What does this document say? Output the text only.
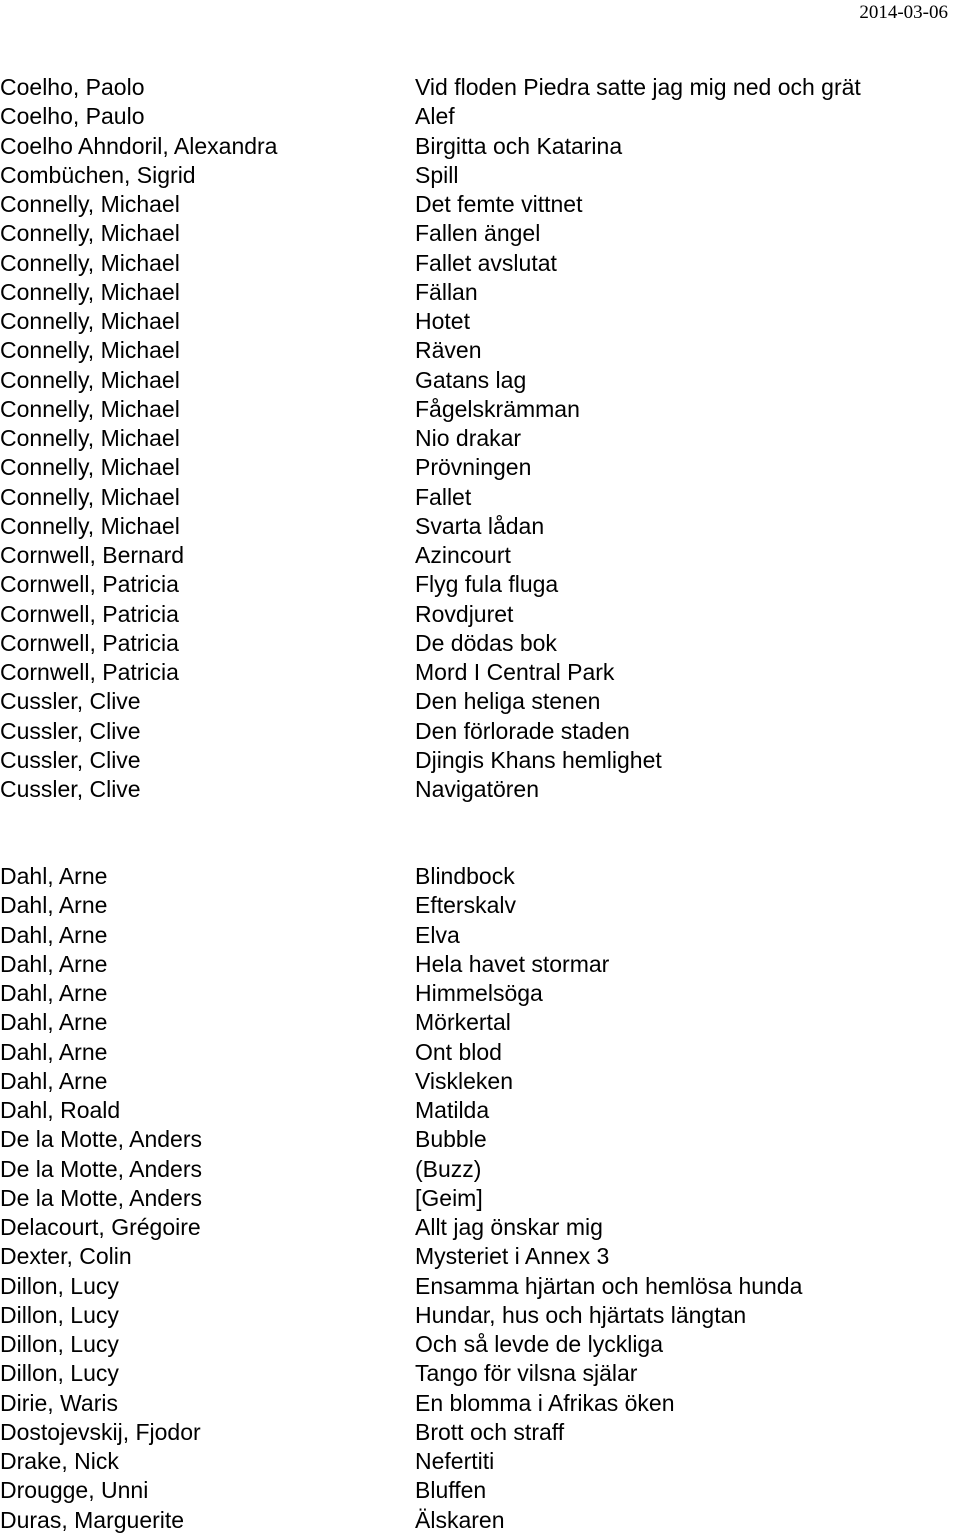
2014-03-06
Coelho, Paolo	Vid floden Piedra satte jag mig ned och grät
Coelho, Paulo	Alef
Coelho Ahndoril, Alexandra	Birgitta och Katarina
Combüchen, Sigrid	Spill
Connelly, Michael	Det femte vittnet
Connelly, Michael	Fallen ängel
Connelly, Michael	Fallet avslutat
Connelly, Michael	Fällan
Connelly, Michael	Hotet
Connelly, Michael	Räven
Connelly, Michael	Gatans lag
Connelly, Michael	Fågelskrämman
Connelly, Michael	Nio drakar
Connelly, Michael	Prövningen
Connelly, Michael	Fallet
Connelly, Michael	Svarta lådan
Cornwell, Bernard	Azincourt
Cornwell, Patricia	Flyg fula fluga
Cornwell, Patricia	Rovdjuret
Cornwell, Patricia	De dödas bok
Cornwell, Patricia	Mord I Central Park
Cussler, Clive	Den heliga stenen
Cussler, Clive	Den förlorade staden
Cussler, Clive	Djingis Khans hemlighet
Cussler, Clive	Navigatören
Dahl, Arne	Blindbock
Dahl, Arne	Efterskalv
Dahl, Arne	Elva
Dahl, Arne	Hela havet stormar
Dahl, Arne	Himmelsöga
Dahl, Arne	Mörkertal
Dahl, Arne	Ont blod
Dahl, Arne	Viskleken
Dahl, Roald	Matilda
De la Motte, Anders	Bubble
De la Motte, Anders	(Buzz)
De la Motte, Anders	[Geim]
Delacourt, Grégoire	Allt jag önskar mig
Dexter, Colin	Mysteriet i Annex 3
Dillon, Lucy	Ensamma hjärtan och hemlösa hunda
Dillon, Lucy	Hundar, hus och hjärtats längtan
Dillon, Lucy	Och så levde de lyckliga
Dillon, Lucy	Tango för vilsna själar
Dirie, Waris	En blomma i Afrikas öken
Dostojevskij, Fjodor	Brott och straff
Drake, Nick	Nefertiti
Drougge, Unni	Bluffen
Duras, Marguerite	Älskaren
